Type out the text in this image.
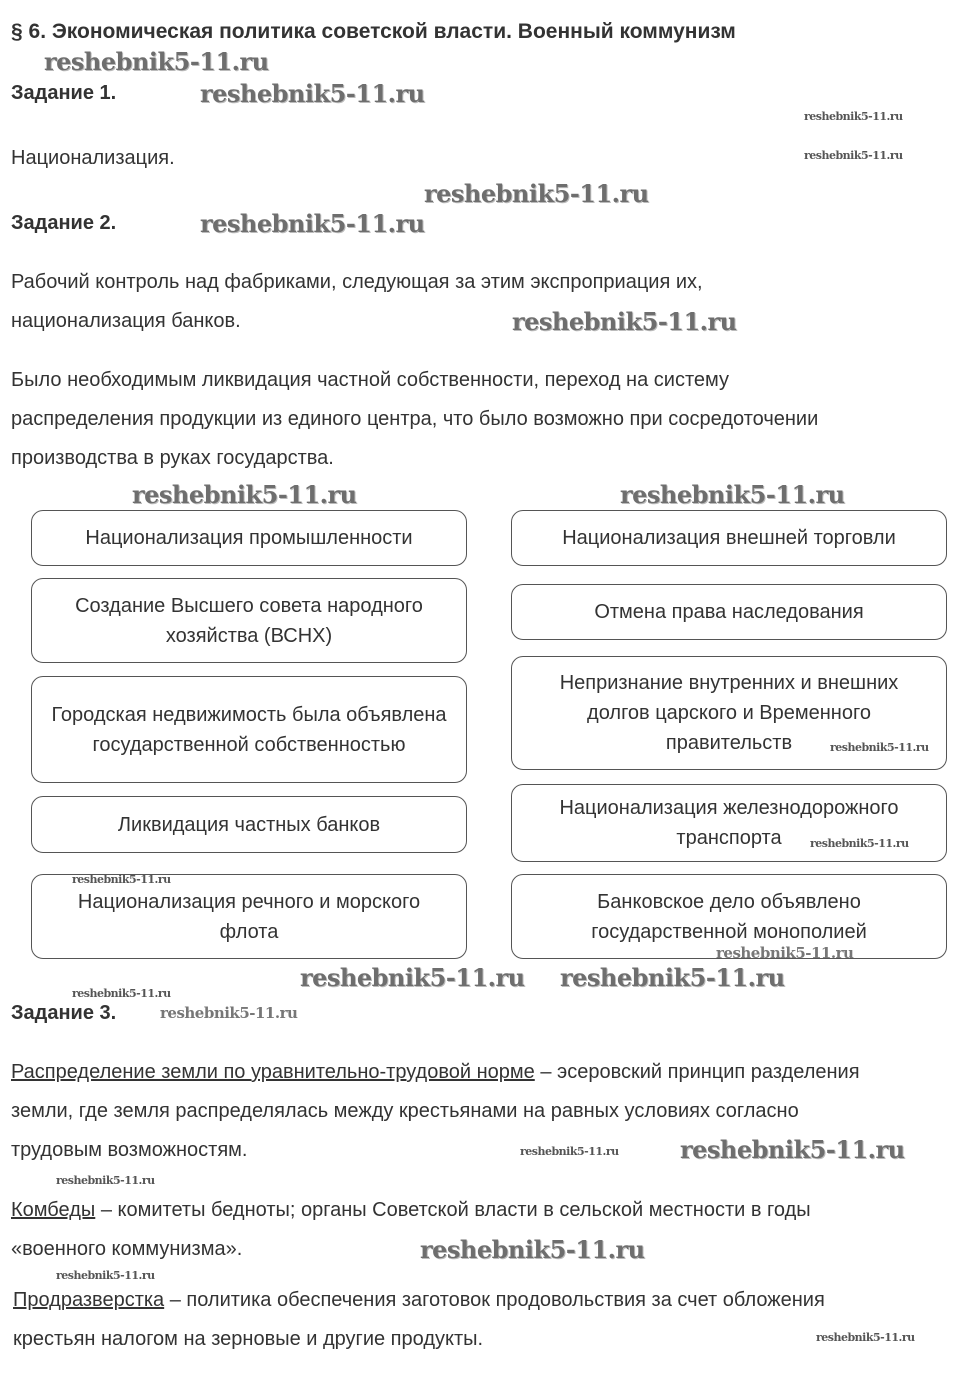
§ 6. Экономическая политика советской власти. Военный коммунизм
Задание 1.
Национализация.
Задание 2.
Рабочий контроль над фабриками, следующая за этим экспроприация их, национализация банков.
Было необходимым ликвидация частной собственности, переход на систему распределения продукции из единого центра, что было возможно при сосредоточении производства в руках государства.
Национализация промышленности
Создание Высшего совета народного хозяйства (ВСНХ)
Городская недвижимость была объявлена государственной собственностью
Ликвидация частных банков
Национализация речного и морского флота
Национализация внешней торговли
Отмена права наследования
Непризнание внутренних и внешних долгов царского и Временного правительств
Национализация железнодорожного транспорта
Банковское дело объявлено государственной монополией
Задание 3.
Распределение земли по уравнительно-трудовой норме – эсеровский принцип разделения земли, где земля распределялась между крестьянами на равных условиях согласно трудовым возможностям.
Комбеды – комитеты бедноты; органы Советской власти в сельской местности в годы «военного коммунизма».
Продразверстка – политика обеспечения заготовок продовольствия за счет обложения крестьян налогом на зерновые и другие продукты.
reshebnik5-11.ru
reshebnik5-11.ru
reshebnik5-11.ru
reshebnik5-11.ru
reshebnik5-11.ru
reshebnik5-11.ru
reshebnik5-11.ru
reshebnik5-11.ru	reshebnik5-11.ru
reshebnik5-11.ru
reshebnik5-11.ru
reshebnik5-11.ru
reshebnik5-11.ru
reshebnik5-11.ru
reshebnik5-11.ru
reshebnik5-11.ru
reshebnik5-11.ru
reshebnik5-11.ru	reshebnik5-11.ru
reshebnik5-11.ru
reshebnik5-11.ru
reshebnik5-11.ru
reshebnik5-11.ru
